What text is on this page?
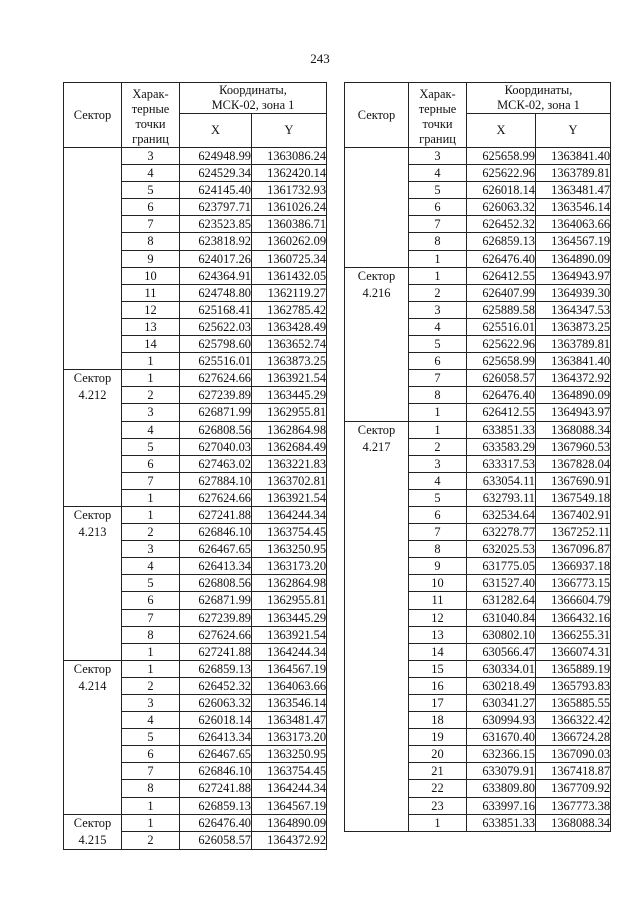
243
Сектор	Харак-
терные
точки
границ	Координаты,
МСК-02, зона 1	
		X	Y
	3	624948.99	1363086.24
	4	624529.34	1362420.14
	5	624145.40	1361732.93
	6	623797.71	1361026.24
	7	623523.85	1360386.71
	8	623818.92	1360262.09
	9	624017.26	1360725.34
	10	624364.91	1361432.05
	11	624748.80	1362119.27
	12	625168.41	1362785.42
	13	625622.03	1363428.49
	14	625798.60	1363652.74
	1	625516.01	1363873.25

Сектор
4.212	1	627624.66	1363921.54
	2	627239.89	1363445.29
	3	626871.99	1362955.81
	4	626808.56	1362864.98
	5	627040.03	1362684.49
	6	627463.02	1363221.83
	7	627884.10	1363702.81
	1	627624.66	1363921.54

Сектор
4.213	1	627241.88	1364244.34
	2	626846.10	1363754.45
	3	626467.65	1363250.95
	4	626413.34	1363173.20
	5	626808.56	1362864.98
	6	626871.99	1362955.81
	7	627239.89	1363445.29
	8	627624.66	1363921.54
	1	627241.88	1364244.34

Сектор
4.214	1	626859.13	1364567.19
	2	626452.32	1364063.66
	3	626063.32	1363546.14
	4	626018.14	1363481.47
	5	626413.34	1363173.20
	6	626467.65	1363250.95
	7	626846.10	1363754.45
	8	627241.88	1364244.34
	1	626859.13	1364567.19

Сектор
4.215	1	626476.40	1364890.09
	2	626058.57	1364372.92
Сектор	Харак-
терные
точки
границ	Координаты,
МСК-02, зона 1	
		X	Y
	3	625658.99	1363841.40
	4	625622.96	1363789.81
	5	626018.14	1363481.47
	6	626063.32	1363546.14
	7	626452.32	1364063.66
	8	626859.13	1364567.19
	1	626476.40	1364890.09

Сектор
4.216	1	626412.55	1364943.97
	2	626407.99	1364939.30
	3	625889.58	1364347.53
	4	625516.01	1363873.25
	5	625622.96	1363789.81
	6	625658.99	1363841.40
	7	626058.57	1364372.92
	8	626476.40	1364890.09
	1	626412.55	1364943.97

Сектор
4.217	1	633851.33	1368088.34
	2	633583.29	1367960.53
	3	633317.53	1367828.04
	4	633054.11	1367690.91
	5	632793.11	1367549.18
	6	632534.64	1367402.91
	7	632278.77	1367252.11
	8	632025.53	1367096.87
	9	631775.05	1366937.18
	10	631527.40	1366773.15
	11	631282.64	1366604.79
	12	631040.84	1366432.16
	13	630802.10	1366255.31
	14	630566.47	1366074.31
	15	630334.01	1365889.19
	16	630218.49	1365793.83
	17	630341.27	1365885.55
	18	630994.93	1366322.42
	19	631670.40	1366724.28
	20	632366.15	1367090.03
	21	633079.91	1367418.87
	22	633809.80	1367709.92
	23	633997.16	1367773.38
	1	633851.33	1368088.34
